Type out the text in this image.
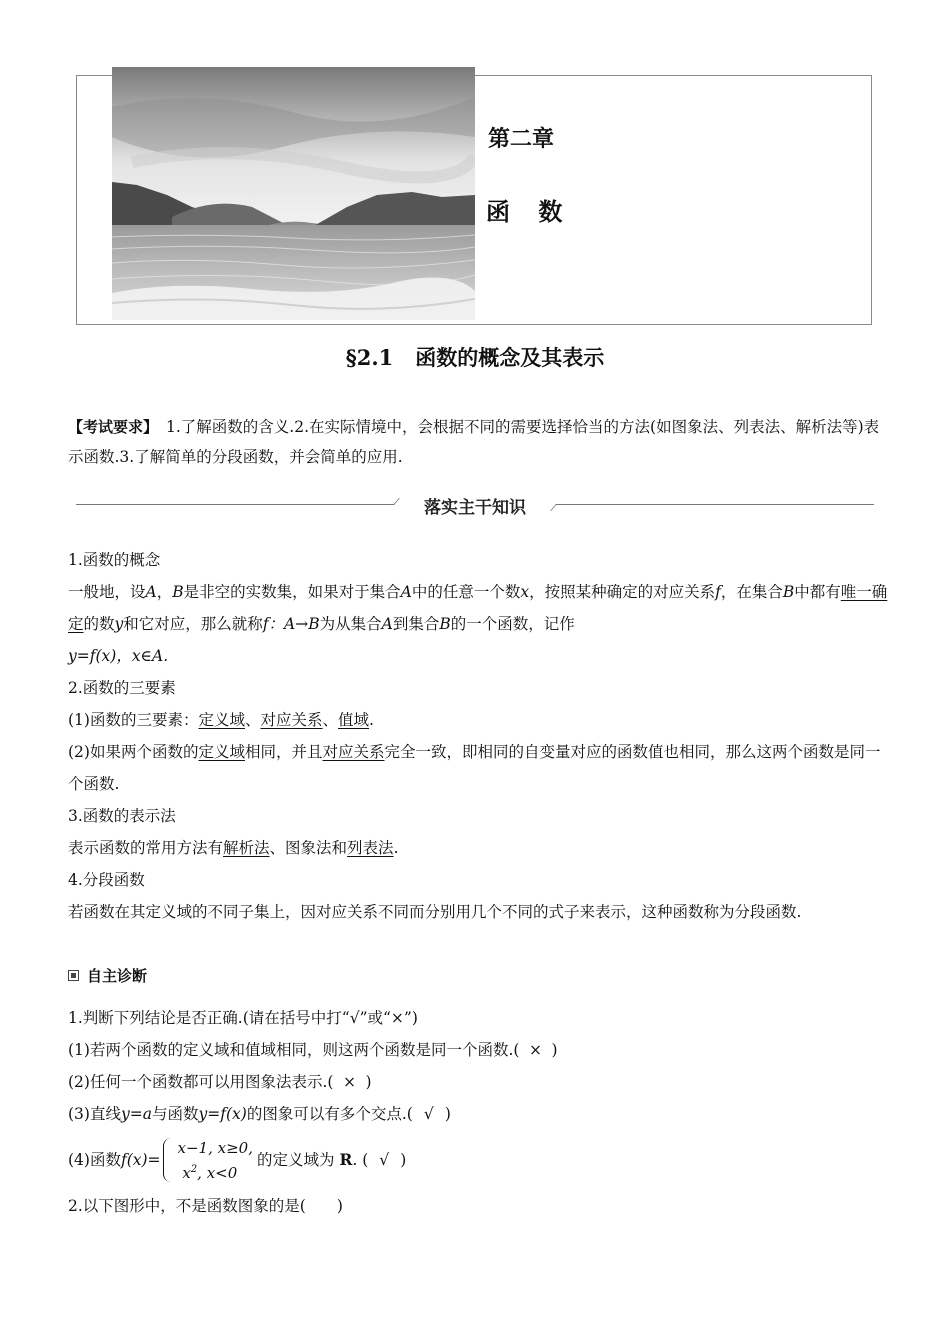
第二章
函 数
§2.1 函数的概念及其表示
【考试要求】 1.了解函数的含义.2.在实际情境中，会根据不同的需要选择恰当的方法(如图象法、列表法、解析法等)表示函数.3.了解简单的分段函数，并会简单的应用.
落实主干知识

1.函数的概念

一般地，设A，B是非空的实数集，如果对于集合A中的任意一个数x，按照某种确定的对应关系f，在集合B中都有唯一确定的数y和它对应，那么就称f：A→B为从集合A到集合B的一个函数，记作
y=f(x)，x∈A.

2.函数的三要素

(1)函数的三要素：定义域、对应关系、值域.

(2)如果两个函数的定义域相同，并且对应关系完全一致，即相同的自变量对应的函数值也相同，那么这两个函数是同一个函数.

3.函数的表示法

表示函数的常用方法有解析法、图象法和列表法.

4.分段函数

若函数在其定义域的不同子集上，因对应关系不同而分别用几个不同的式子来表示，这种函数称为分段函数.

自主诊断

1.判断下列结论是否正确.(请在括号中打“√”或“×”)

(1)若两个函数的定义域和值域相同，则这两个函数是同一个函数.( × )

(2)任何一个函数都可以用图象法表示.( × )

(3)直线y=a与函数y=f(x)的图象可以有多个交点.( √ )

(4)函数 f(x)=
x−1, x≥0,
$x^2$, x<0
的定义域为
R . ( √ )

2.以下图形中，不是函数图象的是(　　)
